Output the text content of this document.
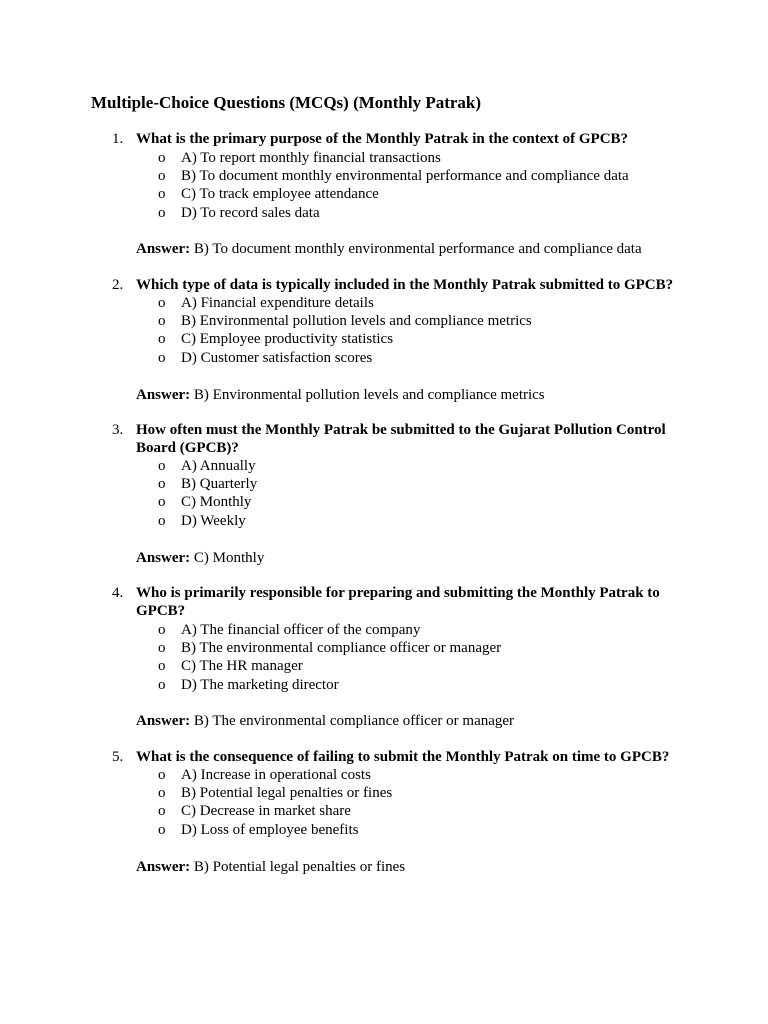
Multiple-Choice Questions (MCQs) (Monthly Patrak)
1. What is the primary purpose of the Monthly Patrak in the context of GPCB?
o A) To report monthly financial transactions
o B) To document monthly environmental performance and compliance data
o C) To track employee attendance
o D) To record sales data
Answer: B) To document monthly environmental performance and compliance data
2. Which type of data is typically included in the Monthly Patrak submitted to GPCB?
o A) Financial expenditure details
o B) Environmental pollution levels and compliance metrics
o C) Employee productivity statistics
o D) Customer satisfaction scores
Answer: B) Environmental pollution levels and compliance metrics
3. How often must the Monthly Patrak be submitted to the Gujarat Pollution Control Board (GPCB)?
o A) Annually
o B) Quarterly
o C) Monthly
o D) Weekly
Answer: C) Monthly
4. Who is primarily responsible for preparing and submitting the Monthly Patrak to GPCB?
o A) The financial officer of the company
o B) The environmental compliance officer or manager
o C) The HR manager
o D) The marketing director
Answer: B) The environmental compliance officer or manager
5. What is the consequence of failing to submit the Monthly Patrak on time to GPCB?
o A) Increase in operational costs
o B) Potential legal penalties or fines
o C) Decrease in market share
o D) Loss of employee benefits
Answer: B) Potential legal penalties or fines
